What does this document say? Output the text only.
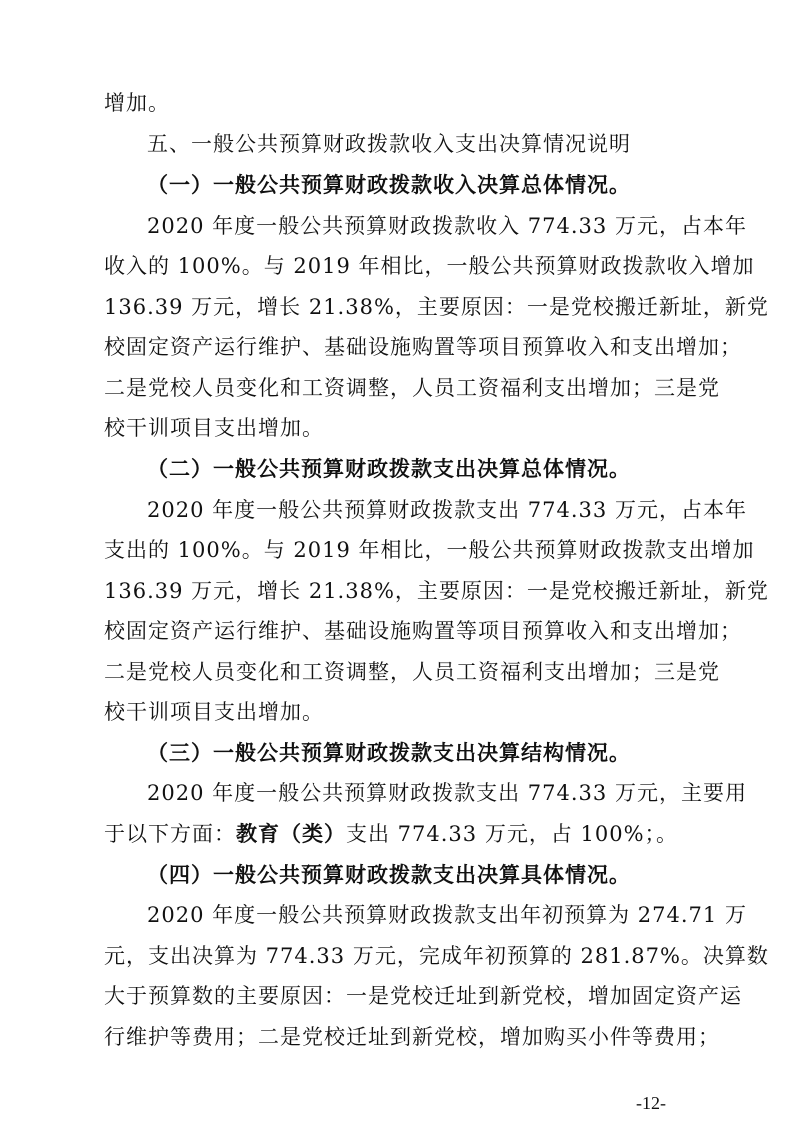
增加。
五、一般公共预算财政拨款收入支出决算情况说明
（一）一般公共预算财政拨款收入决算总体情况。
2020 年度一般公共预算财政拨款收入 774.33 万元，占本年
收入的 100%。与 2019 年相比，一般公共预算财政拨款收入增加
136.39 万元，增长 21.38%，主要原因：一是党校搬迁新址，新党
校固定资产运行维护、基础设施购置等项目预算收入和支出增加；
二是党校人员变化和工资调整，人员工资福利支出增加；三是党
校干训项目支出增加。
（二）一般公共预算财政拨款支出决算总体情况。
2020 年度一般公共预算财政拨款支出 774.33 万元，占本年
支出的 100%。与 2019 年相比，一般公共预算财政拨款支出增加
136.39 万元，增长 21.38%，主要原因：一是党校搬迁新址，新党
校固定资产运行维护、基础设施购置等项目预算收入和支出增加；
二是党校人员变化和工资调整，人员工资福利支出增加；三是党
校干训项目支出增加。
（三）一般公共预算财政拨款支出决算结构情况。
2020 年度一般公共预算财政拨款支出 774.33 万元，主要用
于以下方面：教育（类）支出 774.33 万元，占 100%；。
（四）一般公共预算财政拨款支出决算具体情况。
2020 年度一般公共预算财政拨款支出年初预算为 274.71 万
元，支出决算为 774.33 万元，完成年初预算的 281.87%。决算数
大于预算数的主要原因：一是党校迁址到新党校，增加固定资产运
行维护等费用；二是党校迁址到新党校，增加购买小件等费用；
-12-
